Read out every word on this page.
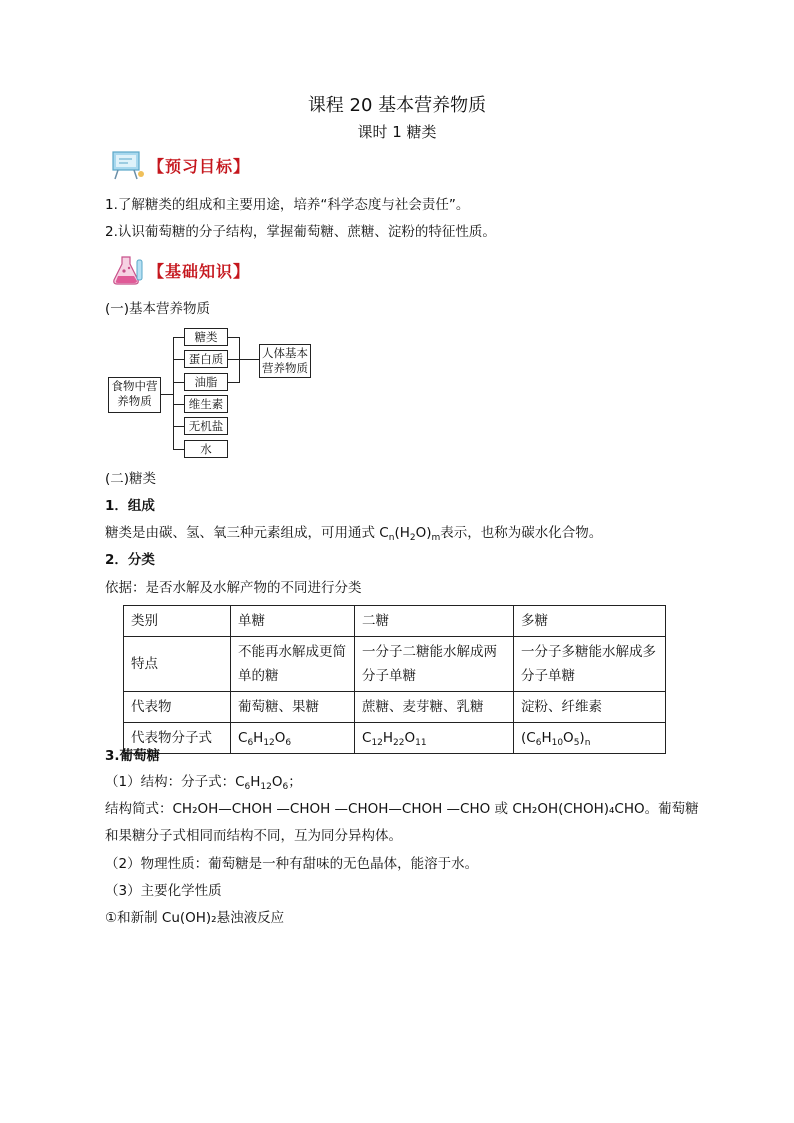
课程 20 基本营养物质
课时 1 糖类
【预习目标】
1.了解糖类的组成和主要用途，培养“科学态度与社会责任”。
2.认识葡萄糖的分子结构，掌握葡萄糖、蔗糖、淀粉的特征性质。
【基础知识】
(一)基本营养物质
食物中营养物质
糖类
蛋白质
油脂
维生素
无机盐
水
人体基本营养物质
(二)糖类
1．组成
糖类是由碳、氢、氧三种元素组成，可用通式 $C_n(H_2O)_m$表示，也称为碳水化合物。
2．分类
依据：是否水解及水解产物的不同进行分类
类别	单糖	二糖	多糖
特点	不能再水解成更简单的糖	一分子二糖能水解成两分子单糖	一分子多糖能水解成多分子单糖
代表物	葡萄糖、果糖	蔗糖、麦芽糖、乳糖	淀粉、纤维素
代表物分子式	$C_6H_{12}O_6$	$C_{12}H_{22}O_{11}$	$(C_6H_{10}O_5)_n$
3.葡萄糖
（1）结构：分子式：$C_6H_{12}O_6$；
结构简式：CH₂OH—CHOH —CHOH —CHOH—CHOH —CHO 或 CH₂OH(CHOH)₄CHO。葡萄糖
和果糖分子式相同而结构不同，互为同分异构体。
（2）物理性质：葡萄糖是一种有甜味的无色晶体，能溶于水。
（3）主要化学性质
①和新制 Cu(OH)₂悬浊液反应
